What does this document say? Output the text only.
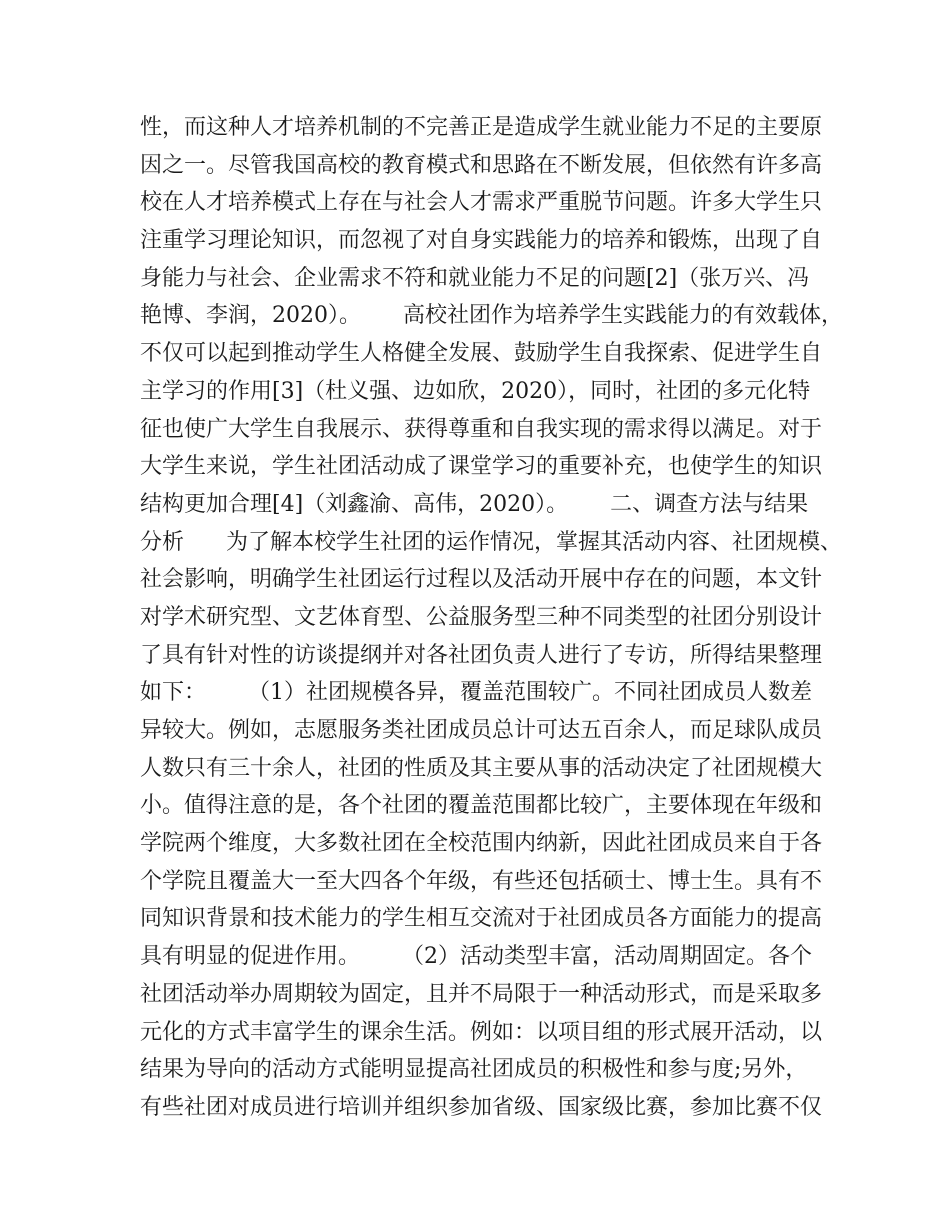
性，而这种人才培养机制的不完善正是造成学生就业能力不足的主要原
因之一。尽管我国高校的教育模式和思路在不断发展，但依然有许多高
校在人才培养模式上存在与社会人才需求严重脱节问题。许多大学生只
注重学习理论知识，而忽视了对自身实践能力的培养和锻炼，出现了自
身能力与社会、企业需求不符和就业能力不足的问题[2]（张万兴、冯
艳博、李润，2020）。      高校社团作为培养学生实践能力的有效载体，
不仅可以起到推动学生人格健全发展、鼓励学生自我探索、促进学生自
主学习的作用[3]（杜义强、边如欣，2020），同时，社团的多元化特
征也使广大学生自我展示、获得尊重和自我实现的需求得以满足。对于
大学生来说，学生社团活动成了课堂学习的重要补充，也使学生的知识
结构更加合理[4]（刘鑫渝、高伟，2020）。      二、调查方法与结果
分析      为了解本校学生社团的运作情况，掌握其活动内容、社团规模、
社会影响，明确学生社团运行过程以及活动开展中存在的问题，本文针
对学术研究型、文艺体育型、公益服务型三种不同类型的社团分别设计
了具有针对性的访谈提纲并对各社团负责人进行了专访，所得结果整理
如下：      （1）社团规模各异，覆盖范围较广。不同社团成员人数差
异较大。例如，志愿服务类社团成员总计可达五百余人，而足球队成员
人数只有三十余人，社团的性质及其主要从事的活动决定了社团规模大
小。值得注意的是，各个社团的覆盖范围都比较广，主要体现在年级和
学院两个维度，大多数社团在全校范围内纳新，因此社团成员来自于各
个学院且覆盖大一至大四各个年级，有些还包括硕士、博士生。具有不
同知识背景和技术能力的学生相互交流对于社团成员各方面能力的提高
具有明显的促进作用。      （2）活动类型丰富，活动周期固定。各个
社团活动举办周期较为固定，且并不局限于一种活动形式，而是采取多
元化的方式丰富学生的课余生活。例如：以项目组的形式展开活动，以
结果为导向的活动方式能明显提高社团成员的积极性和参与度;另外，
有些社团对成员进行培训并组织参加省级、国家级比赛，参加比赛不仅
